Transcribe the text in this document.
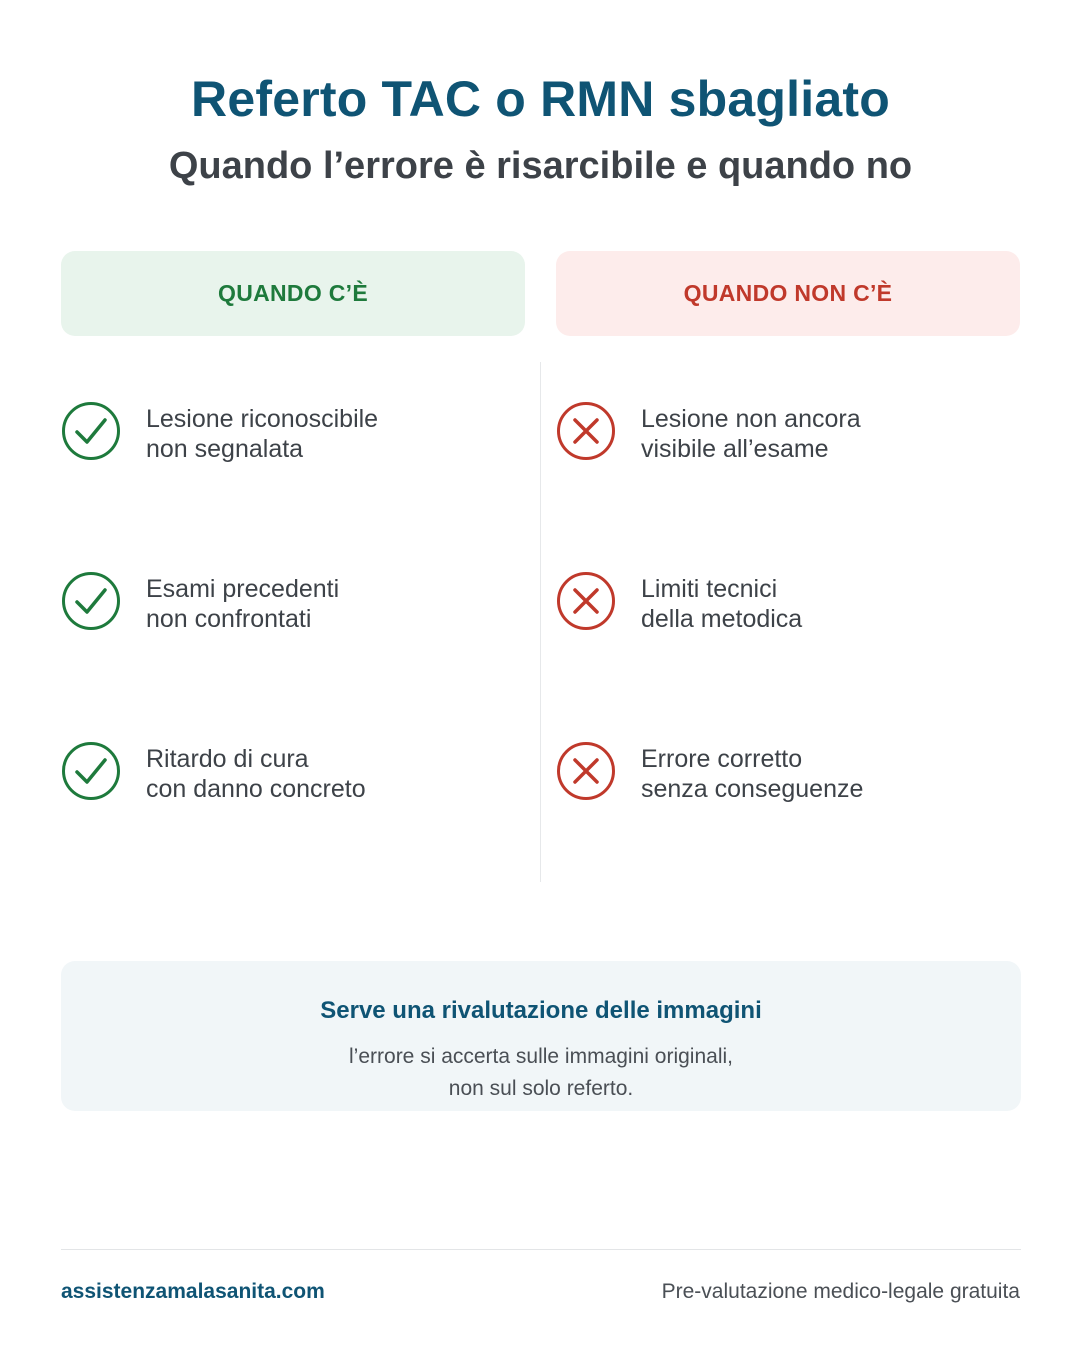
Referto TAC o RMN sbagliato
Quando l’errore è risarcibile e quando no
QUANDO C’È	QUANDO NON C’È
Lesione riconoscibile
non segnalata
Esami precedenti
non confrontati
Ritardo di cura
con danno concreto
Lesione non ancora
visibile all’esame
Limiti tecnici
della metodica
Errore corretto
senza conseguenze
Serve una rivalutazione delle immagini
l’errore si accerta sulle immagini originali,
non sul solo referto.
assistenzamalasanita.com	Pre-valutazione medico-legale gratuita
